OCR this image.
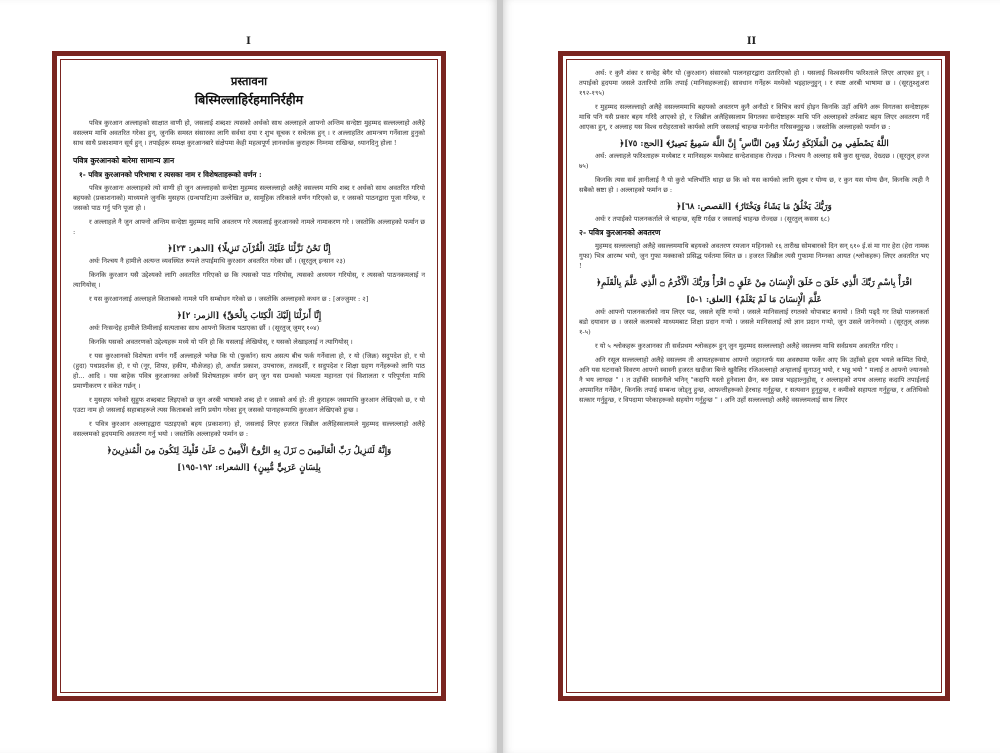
I
प्रस्तावना
बिस्मिल्लाहिर्रहमानिर्रहीम

पवित्र कुरआन अल्लाहको साक्षात वाणी हो, जसलाई शब्दशः त्यसको अर्थको साथ अल्लाहले आफ्नो अन्तिम सन्देष्टा मुहम्मद सल्लल्लाहो अलैहे वसल्लम माथि अवतरित गरेका हुन्, जुनकि समस्त संसारका लागि सर्वथा दया र शुभ सूचक र सचेतक हुन् । र अल्लाहतिर आमन्त्रण गर्नेवाला हुनुको साथ साथै प्रकाशमान सूर्य हुन् । तपाईहरू समक्ष कुरआनबारे संक्षेपमा केही महत्वपूर्ण ज्ञानवर्धक कुराहरू निम्नमा राखिन्छ, ध्यानदिनु होला !

पवित्र कुरआनको बारेमा सामान्य ज्ञान
१- पवित्र कुरआनको परिभाषा र त्यसका नाम र विशेषताहरूको वर्णन :

पवित्र कुरआनः अल्लाहको त्यो वाणी हो जुन अल्लाहको सन्देष्टा मुहम्मद सल्लल्लाहो अलैहे वसल्लम माथि शब्द र अर्थको साथ अवतरित गरियो बहयको (प्रकाशनाको) माध्यमले जुनकि मुसहफ (ग्रन्थपाटि)मा उल्लेखित छ, सामूहिक तरिकाले वर्णन गरिएको छ, र जसको पाठनद्वारा पूजा गरिन्छ, र जसको पाठ गर्नु पनि पूजा हो ।

र अल्लाहले नै जुन आफ्नो अन्तिम सन्देष्टा मुहम्मद माथि अवतरण गरे त्यसलाई कुरआनको नामले नामाकरण गरे । जस्तोकि अल्लाहको फर्मान छ :

﴿إِنَّا نَحْنُ نَزَّلْنَا عَلَيْكَ الْقُرْآنَ تَنزِيلًا﴾ [الدهر: ٢٣]

अर्थः निश्चय नै हामीले अत्यन्त व्यवस्थित रूपले तपाईमाथि कुरआन अवतरित गरेका छौं । (सूरतुल् इन्सान २३)

किनकि कुरआन यसै उद्देश्यको लागि अवतरित गरिएको छ कि त्यसको पाठ गरियोस्, त्यसको अध्ययन गरियोस्, र त्यसको पाठनकमलाई न त्यागियोस् ।

र यस कुरआनलाई अल्लाहले किताबको नामले पनि सम्बोधन गरेको छ । जस्तोकि अल्लाहको कथन छ : [अज्जुमर : २]

﴿إِنَّا أَنزَلْنَا إِلَيْكَ الْكِتَابَ بِالْحَقِّ﴾ [الزمر: ٢]

अर्थः निःसन्देह हामीले तिमीलाई सत्यताका साथ आफ्नो किताब पठाएका छौं । (सूरतुज् जुमर् १०४)

किनकि यसको अवतरणको उद्देश्यहरू मध्ये यो पनि हो कि यसलाई लेखियोस्, र यसको लेखाइलाई न त्यागियोस् ।

र यस कुरआनको विशेषता वर्णन गर्दै अल्लाहले भनेछ कि यो (फुर्कान) सत्य असत्य बीच फर्क गर्नेवाला हो, र यो (जिक्र) सदुपदेश हो, र यो (हुदा) पथप्रदर्शक हो, र यो (नूर, शिफा, हकीम, मौअेजह) हो, अर्थात प्रकाश, उपचारक, तत्वदर्शी, र सदुपदेश र शिक्षा ग्रहण गर्नेहरूको लागि पाठ हो... आदि । यस बाहेक पवित्र कुरआनका अनेकौं विशेषताहरू वर्णन छन् जुन यस ग्रन्थको भव्यता महानता एवं विशालता र परिपूर्णता माथि प्रमाणीकरण र संकेत गर्छन् ।

र मुसहफ भनेको सुहुफ शब्दबाट लिइएको छ जुन अरबी भाषाको शब्द हो र जसको अर्थ हो: ती कुराहरू जसमाथि कुरआन लेखिएको छ, र यो एउटा नाम हो जसलाई सहाबाहरूले त्यस किताबको लागि प्रयोग गरेका हुन् जसको पानाहरूमाथि कुरआन लेखिएको हुन्छ ।

र पवित्र कुरआन अल्लाहद्वारा पठाइएको बहय (प्रकाशना) हो, जसलाई लिएर हजरत जिब्रील अलैहिस्सलामले मुहम्मद सल्लल्लाहो अलैहे वसल्लमको हृदयमाथि अवतरण गर्नु भयो । जस्तोकि अल्लाहको फर्मान छ :

﴿وَإِنَّهُ لَتَنزِيلُ رَبِّ الْعَالَمِينَ ۝ نَزَلَ بِهِ الرُّوحُ الْأَمِينُ ۝ عَلَىٰ قَلْبِكَ لِتَكُونَ مِنَ الْمُنذِرِينَ
بِلِسَانٍ عَرَبِيٍّ مُّبِينٍ﴾ [الشعراء: ١٩٢-١٩٥]
II

अर्थ: र कुनै शंका र सन्देह बेगैर यो (कुरआन) संसारको पालनहारद्वारा उतारिएको हो । यसलाई विश्वसनीय फरिश्ताले लिएर आएका हुन् । तपाईको हृदयमा जसले उतारियो ताकि तपाई (मानिसहरूलाई) सावधान गर्नेहरू मध्येको भइहाल्नुहुन् । र स्पष्ट अरबी भाषामा छ । (सूरतुश्शुअरा १९२-१९५)

र मुहम्मद सल्लल्लाहो अलैहे वसल्लममाथि बहयको अवतरण कुनै अनौठो र विचित्र कार्य होइन किनकि उहाँ अघिनै अरू विगतका सन्देष्टाहरू माथि पनि यसै प्रकार बहय गरिदै आएको हो, र जिब्रील अलैहिस्सलाम विगतका सन्देष्टाहरू माथि पनि अल्लाहको तर्फबाट बहय लिएर अवतरण गर्दै आएका हुन्, र अल्लाह यस विश्व धरोहरताको कार्यको लागि जसलाई चाहन्छ मनोनीत गरिसक्नुहुन्छ । जस्तोकि अल्लाहको फर्मान छ :

﴿اللَّهُ يَصْطَفِي مِنَ الْمَلَائِكَةِ رُسُلًا وَمِنَ النَّاسِ ۚ إِنَّ اللَّهَ سَمِيعٌ بَصِيرٌ﴾ [الحج: ٧٥]

अर्थ: अल्लाहले फरिश्ताहरू मध्येबाट र मानिसहरू मध्येबाट सन्देशवाहक रोज्दछ । निश्चय नै अल्लाह सबै कुरा सुन्दछ, देख्दछ । (सूरतुल् हज्ज ७५)

किनकि त्यस सर्व ज्ञानीलाई नै यो कुरो भलिभाँति थाहा छ कि को यस कार्यको लागि सुक्ष्म र योग्य छ, र कुन यस योग्य छैन, किनकि त्यही नै सबैको स्रष्टा हो । अल्लाहको फर्मान छ :

﴿وَرَبُّكَ يَخْلُقُ مَا يَشَاءُ وَيَخْتَارُ﴾ [القصص: ٦٨]

अर्थः र तपाईको पालनकर्ताले जे चाहन्छ, सृष्टि गर्दछ र जसलाई चाहन्छ रोज्दछ । (सूरतुल् कसस ६८)

२- पवित्र कुरआनको अवतरण

मुहम्मद सल्लल्लाहो अलैहे वसल्लममाथि बहयको अवतरण रमजान महिनाको १६ तारीख सोमबारको दिन सन् ६१० ई.सं मा गार हेरा (हेरा नामक गुफा) भित्र आरम्भ भयो, जुन गुफा मक्काको प्रसिद्ध पर्वतमा स्थित छ । हजरत जिब्रील त्यसै गुफामा निम्नका आयत (श्लोकहरू) लिएर अवतरित भए !

﴿اقْرَأْ بِاسْمِ رَبِّكَ الَّذِي خَلَقَ ۝ خَلَقَ الْإِنسَانَ مِنْ عَلَقٍ ۝ اقْرَأْ وَرَبُّكَ الْأَكْرَمُ ۝ الَّذِي عَلَّمَ بِالْقَلَمِ
عَلَّمَ الْإِنسَانَ مَا لَمْ يَعْلَمْ﴾ [العلق: ١-٥]

अर्थः आफ्नो पालनकर्ताको नाम लिएर पढ, जसले सृष्टि गर्‍यो । जसले मानिसलाई रगतको थोपाबाट बनायो । तिमी पढ्दै गर तिम्रो पालनकर्ता बडो दयावान छ । जसले कलमको माध्यमबाट शिक्षा प्रदान गर्‍यो । जसले मानिसलाई त्यो ज्ञान प्रदान गर्‍यो, जुन उसले जानेनथ्यो । (सूरतुल् अलक १-५)

र यो ५ श्लोकहरू कुरआनका ती सर्वप्रथम श्लोकहरू हुन् जुन मुहम्मद सल्लल्लाहो अलैहे वसल्लम माथि सर्वप्रथम अवतरित गरिए ।

अनि रसूल सल्लल्लाहो अलैहे वसल्लम ती आयतहरूसाथ आफ्नो जहानतर्फ यस अवस्थामा फर्केर आए कि उहाँको हृदय भयले कम्पित थियो, अनि यस घटनाको विवरण आफ्नो स्वास्नी हजरत खदीजा बिन्ते खुवैलिद रजिअल्लाहो अन्हालाई सुनाउनु भयो, र भन्नु भयो " मलाई त आफ्नो ज्यानको नै भय लाग्दछ " । त उहाँकी स्वास्नीले भनिन् "कदापि यस्तो हुनेवाला छैन, बरु प्रसन्न भइहाल्नुहोस्, र अल्लाहको शपथ अल्लाह कदापि तपाईलाई अपमानित गर्नेछैन, किनकि तपाई सम्बन्ध जोड्नु हुन्छ, आफन्तीहरूको हेरचाह गर्नुहुन्छ, र सत्यवान हुनुहुन्छ, र कमीको सहायता गर्नुहुन्छ, र अतिथिको सत्कार गर्नुहुन्छ, र विपदामा परेकाहरूको सहयोग गर्नुहुन्छ " । अनि उहाँ सल्लल्लाहो अलैहे वसल्लमलाई साथ लिएर
